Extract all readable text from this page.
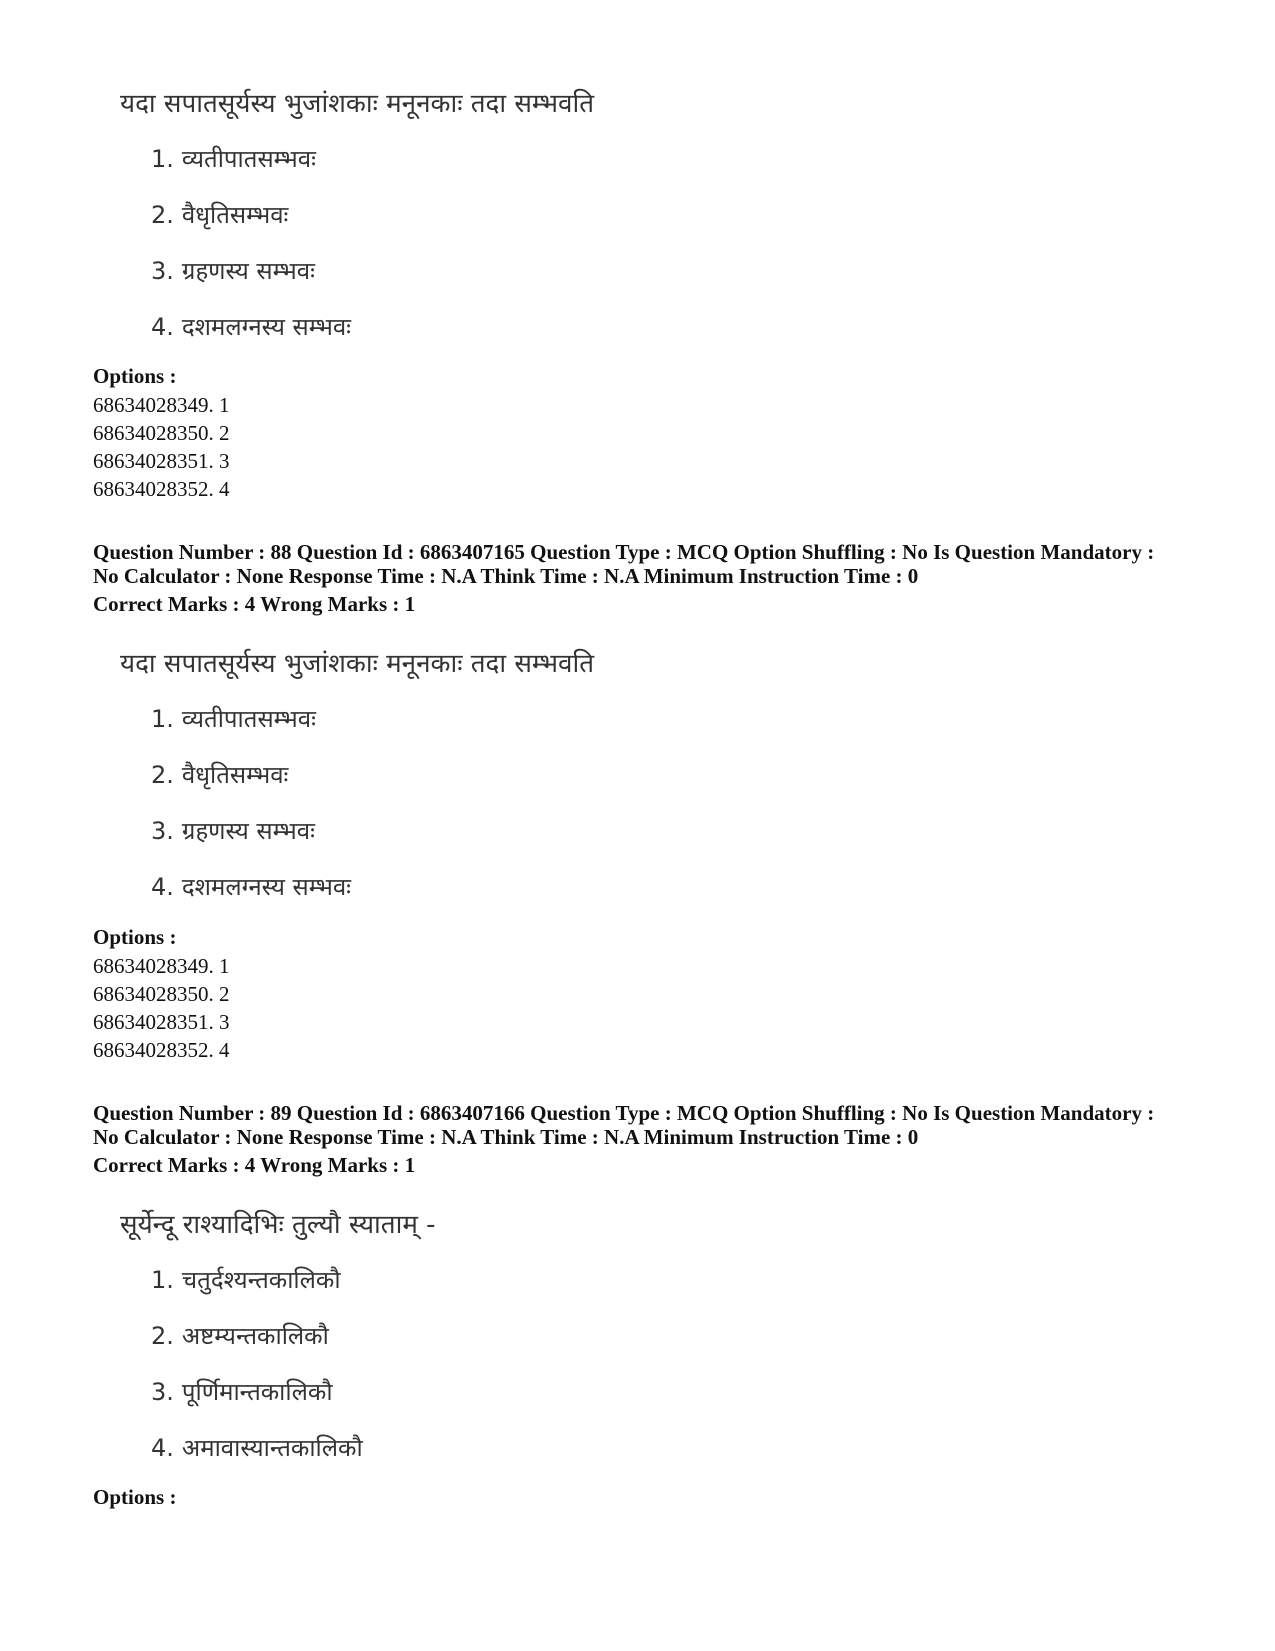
यदा सपातसूर्यस्य भुजांशकाः मनूनकाः तदा सम्भवति
1. व्यतीपातसम्भवः
2. वैधृतिसम्भवः
3. ग्रहणस्य सम्भवः
4. दशमलग्नस्य सम्भवः
Options :
68634028349. 1
68634028350. 2
68634028351. 3
68634028352. 4
Question Number : 88 Question Id : 6863407165 Question Type : MCQ Option Shuffling : No Is Question Mandatory :
No Calculator : None Response Time : N.A Think Time : N.A Minimum Instruction Time : 0
Correct Marks : 4 Wrong Marks : 1
यदा सपातसूर्यस्य भुजांशकाः मनूनकाः तदा सम्भवति
1. व्यतीपातसम्भवः
2. वैधृतिसम्भवः
3. ग्रहणस्य सम्भवः
4. दशमलग्नस्य सम्भवः
Options :
68634028349. 1
68634028350. 2
68634028351. 3
68634028352. 4
Question Number : 89 Question Id : 6863407166 Question Type : MCQ Option Shuffling : No Is Question Mandatory :
No Calculator : None Response Time : N.A Think Time : N.A Minimum Instruction Time : 0
Correct Marks : 4 Wrong Marks : 1
सूर्येन्दू राश्यादिभिः तुल्यौ स्याताम् -
1. चतुर्दश्यन्तकालिकौ
2. अष्टम्यन्तकालिकौ
3. पूर्णिमान्तकालिकौ
4. अमावास्यान्तकालिकौ
Options :
